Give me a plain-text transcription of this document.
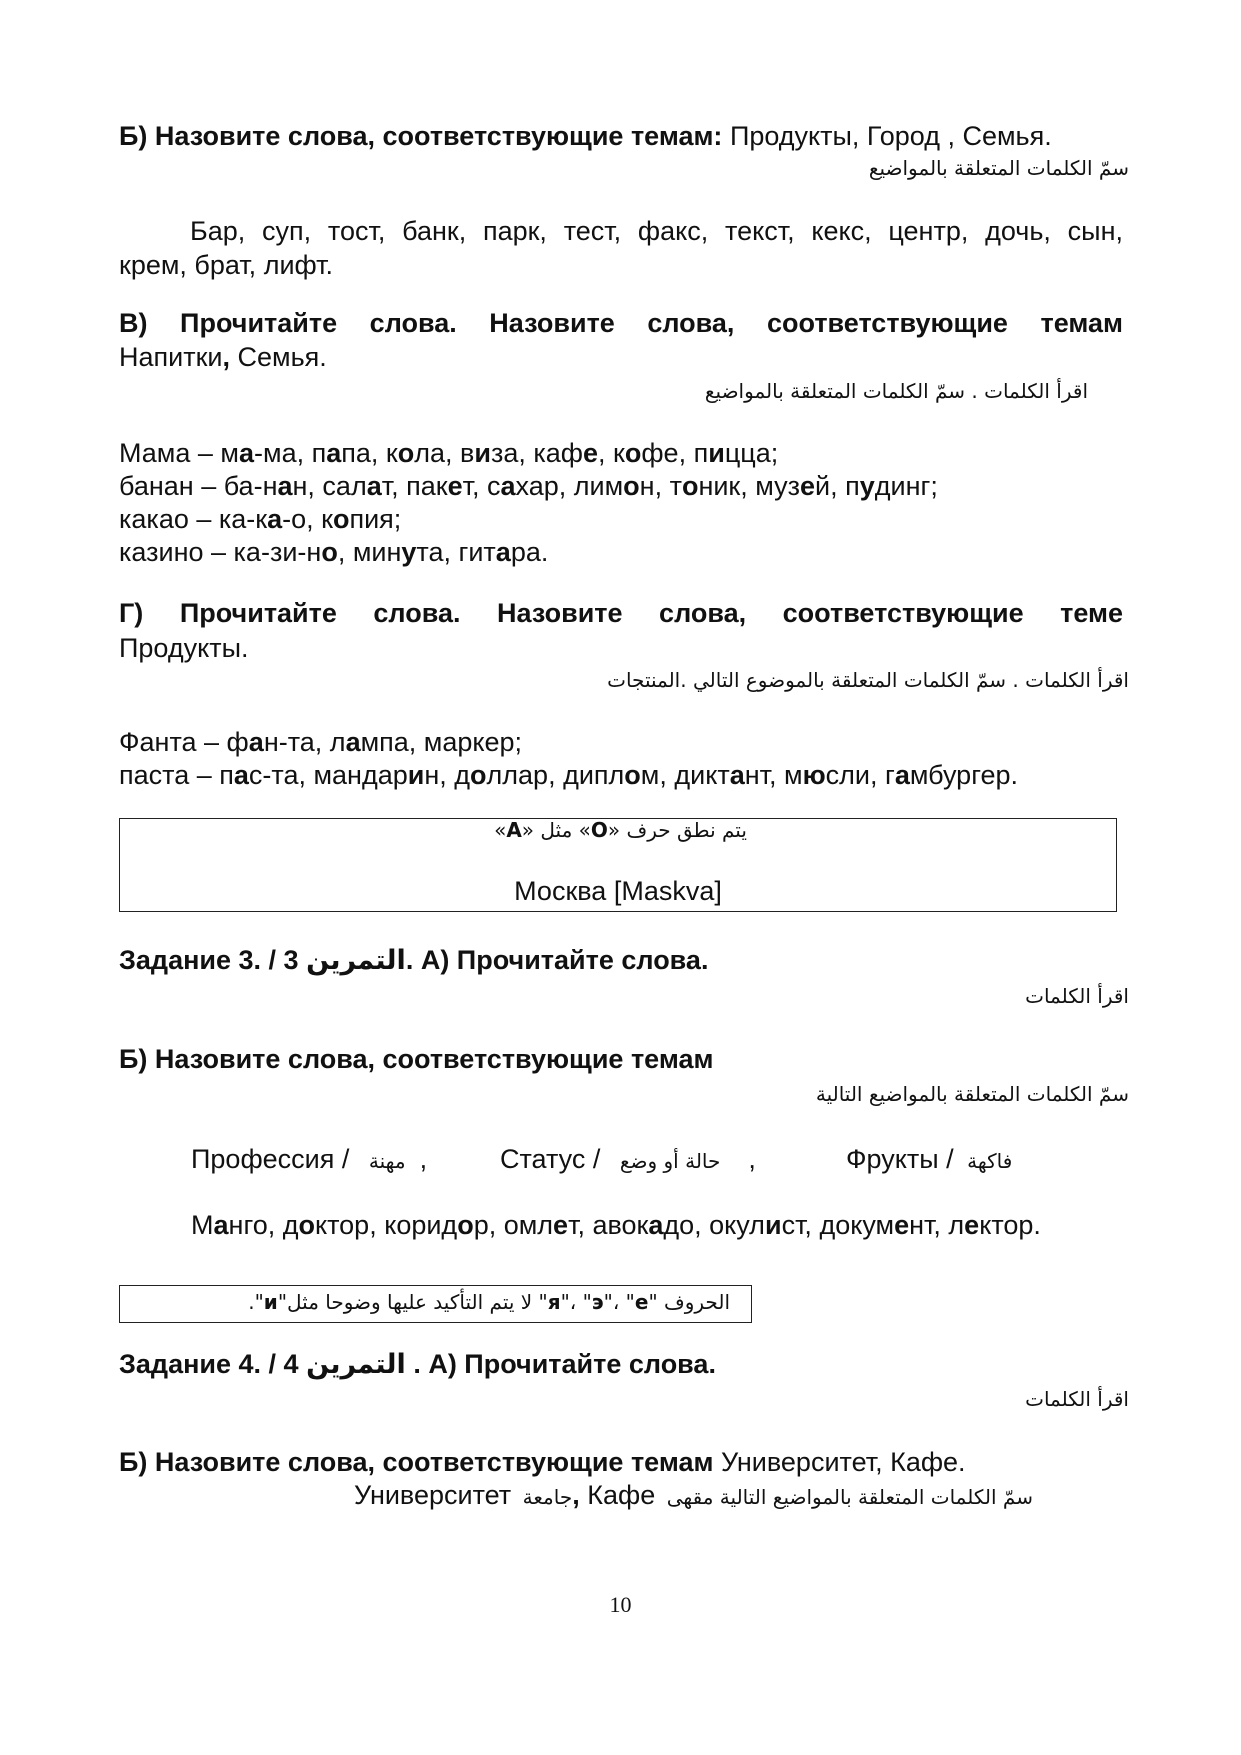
Б) Назовите слова, соответствующие темам: Продукты, Город , Семья.
سمّ الكلمات المتعلقة بالمواضيع
Бар, суп, тост, банк, парк, тест, факс, текст, кекс, центр, дочь, сын,
крем, брат, лифт.
В) Прочитайте слова. Назовите слова, соответствующие темам
Напитки, Семья.
اقرأ الكلمات . سمّ الكلمات المتعلقة بالمواضيع
Мама – ма-ма, папа, кола, виза, кафе, кофе, пицца;
банан – ба-нан, салат, пакет, сахар, лимон, тоник, музей, пудинг;
какао – ка-ка-о, копия;
казино – ка-зи-но, минута, гитара.
Г) Прочитайте слова. Назовите слова, соответствующие теме
Продукты.
اقرأ الكلمات . سمّ الكلمات المتعلقة بالموضوع التالي .المنتجات
Фанта – фан-та, лампа, маркер;
паста – пас-та, мандарин, доллар, диплом, диктант, мюсли, гамбургер.
يتم نطق حرف «О» مثل «А»
Москва [Maskva]
Задание 3. / 3 التمرين. А) Прочитайте слова.
اقرأ الكلمات
Б) Назовите слова, соответствующие темам
سمّ الكلمات المتعلقة بالمواضيع التالية
Профессия / مهنة ,	Статус / حالة أو وضع ,	Фрукты / فاكهة
Манго, доктор, коридор, омлет, авокадо, окулист, документ, лектор.
الحروف "я"، "э"، "е" لا يتم التأكيد عليها وضوحا مثل"и".
Задание 4. / 4 التمرين . А) Прочитайте слова.
اقرأ الكلمات
Б) Назовите слова, соответствующие темам Университет, Кафе.
Университет جامعة, Кафе سمّ الكلمات المتعلقة بالمواضيع التالية مقهى
10
